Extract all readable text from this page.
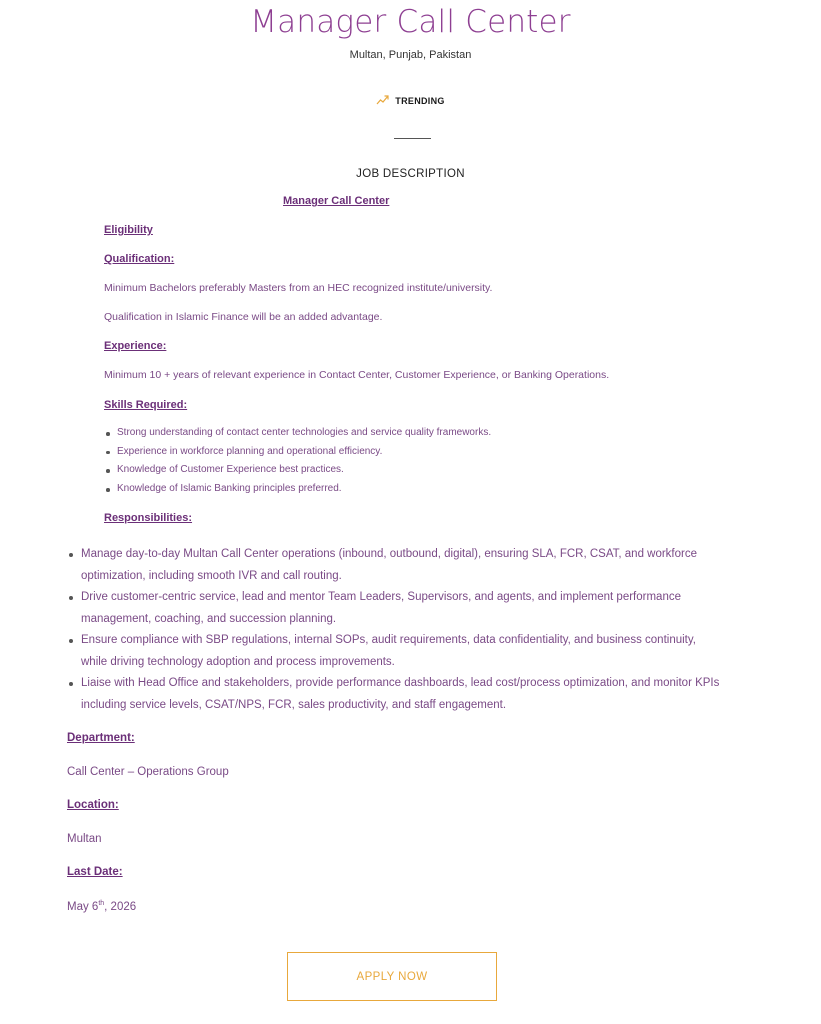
Manager Call Center
Multan, Punjab, Pakistan
TRENDING
JOB DESCRIPTION
Manager Call Center
Eligibility
Qualification:
Minimum Bachelors preferably Masters from an HEC recognized institute/university.
Qualification in Islamic Finance will be an added advantage.
Experience:
Minimum 10 + years of relevant experience in Contact Center, Customer Experience, or Banking Operations.
Skills Required:
Strong understanding of contact center technologies and service quality frameworks.
Experience in workforce planning and operational efficiency.
Knowledge of Customer Experience best practices.
Knowledge of Islamic Banking principles preferred.
Responsibilities:
Manage day-to-day Multan Call Center operations (inbound, outbound, digital), ensuring SLA, FCR, CSAT, and workforce optimization, including smooth IVR and call routing.
Drive customer-centric service, lead and mentor Team Leaders, Supervisors, and agents, and implement performance management, coaching, and succession planning.
Ensure compliance with SBP regulations, internal SOPs, audit requirements, data confidentiality, and business continuity, while driving technology adoption and process improvements.
Liaise with Head Office and stakeholders, provide performance dashboards, lead cost/process optimization, and monitor KPIs including service levels, CSAT/NPS, FCR, sales productivity, and staff engagement.
Department:
Call Center – Operations Group
Location:
Multan
Last Date:
May 6th, 2026
APPLY NOW
